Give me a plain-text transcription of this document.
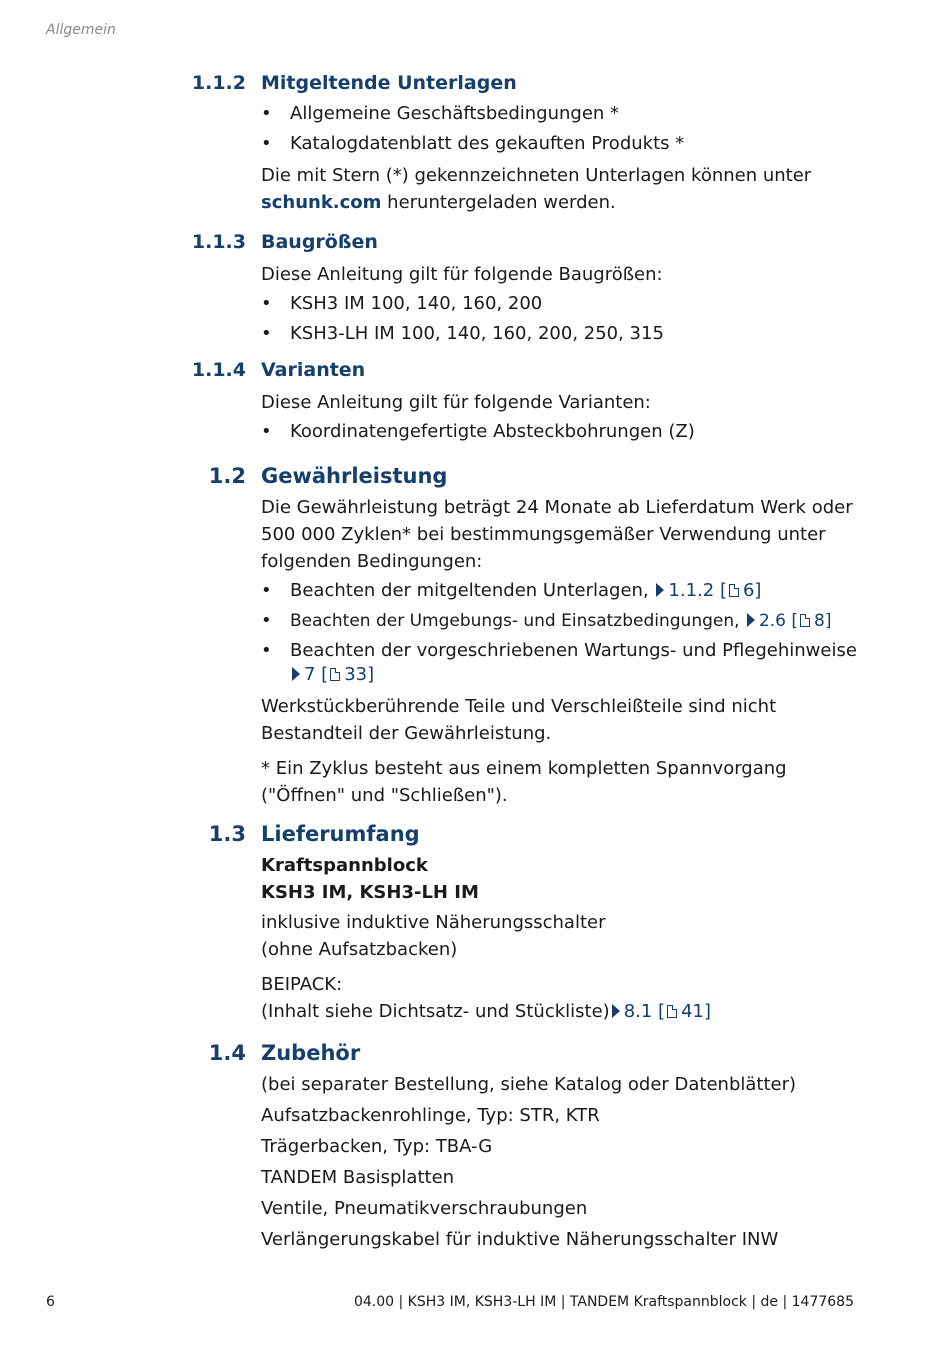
Allgemein
1.1.2 Mitgeltende Unterlagen
• Allgemeine Geschäftsbedingungen *
• Katalogdatenblatt des gekauften Produkts *

Die mit Stern (*) gekennzeichneten Unterlagen können unter
schunk.com heruntergeladen werden.

1.1.3 Baugrößen

Diese Anleitung gilt für folgende Baugrößen:

• KSH3 IM 100, 140, 160, 200
• KSH3-LH IM 100, 140, 160, 200, 250, 315
1.1.4 Varianten

Diese Anleitung gilt für folgende Varianten:

• Koordinatengefertigte Absteckbohrungen (Z)
1.2 Gewährleistung

Die Gewährleistung beträgt 24 Monate ab Lieferdatum Werk oder 500 000 Zyklen* bei bestimmungsgemäßer Verwendung unter folgenden Bedingungen:

• Beachten der mitgeltenden Unterlagen, 1.1.2 [ 6]
• Beachten der Umgebungs- und Einsatzbedingungen, 2.6 [ 8]
• Beachten der vorgeschriebenen Wartungs- und Pflegehinweise 7 [ 33]

Werkstückberührende Teile und Verschleißteile sind nicht Bestandteil der Gewährleistung.

* Ein Zyklus besteht aus einem kompletten Spannvorgang ("Öffnen" und "Schließen").

1.3 Lieferumfang

Kraftspannblock
KSH3 IM, KSH3-LH IM

inklusive induktive Näherungsschalter
(ohne Aufsatzbacken)

BEIPACK:
(Inhalt siehe Dichtsatz- und Stückliste) 8.1 [ 41]

1.4 Zubehör

(bei separater Bestellung, siehe Katalog oder Datenblätter)

Aufsatzbackenrohlinge, Typ: STR, KTR

Trägerbacken, Typ: TBA-G

TANDEM Basisplatten

Ventile, Pneumatikverschraubungen

Verlängerungskabel für induktive Näherungsschalter INW

6	04.00 | KSH3 IM, KSH3-LH IM | TANDEM Kraftspannblock | de | 1477685
